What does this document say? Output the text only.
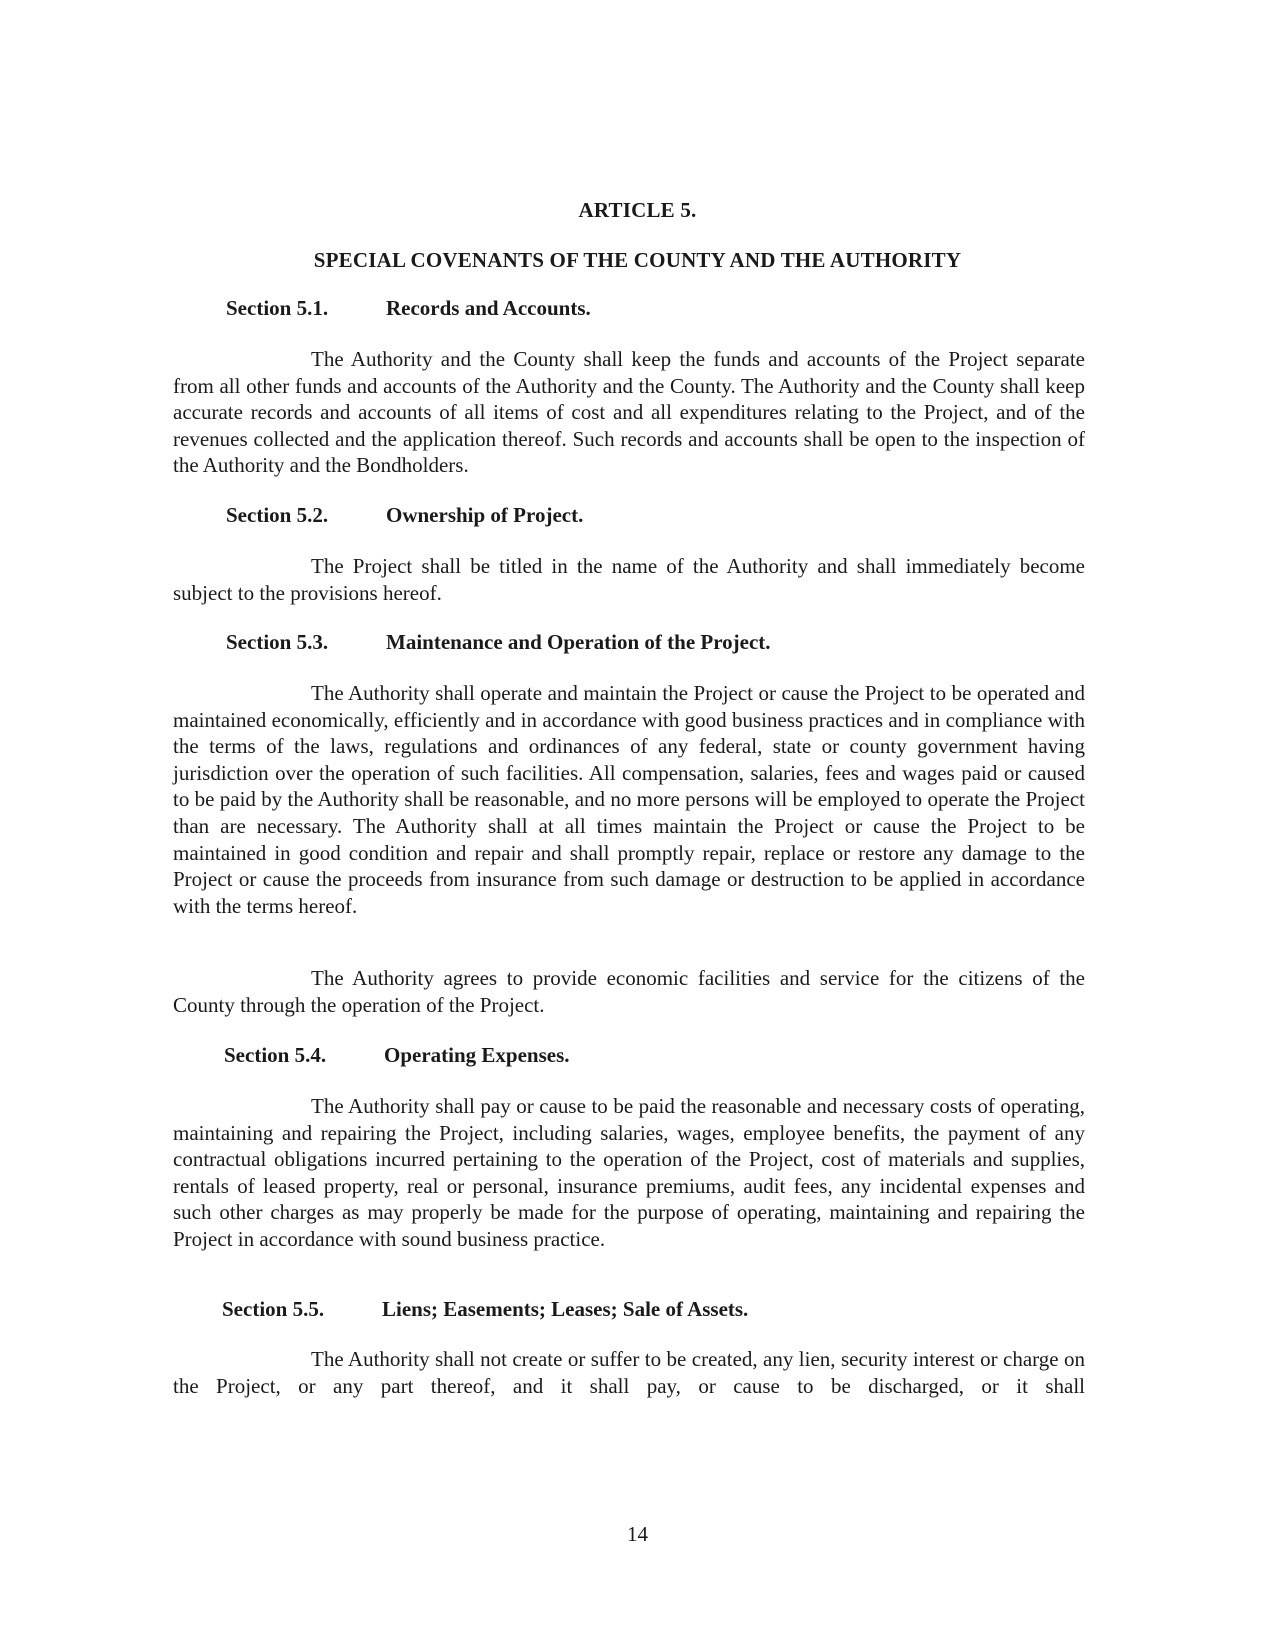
ARTICLE 5.
SPECIAL COVENANTS OF THE COUNTY AND THE AUTHORITY
Section 5.1.	Records and Accounts.

The Authority and the County shall keep the funds and accounts of the Project separate from all other funds and accounts of the Authority and the County. The Authority and the County shall keep accurate records and accounts of all items of cost and all expenditures relating to the Project, and of the revenues collected and the application thereof. Such records and accounts shall be open to the inspection of the Authority and the Bondholders.

Section 5.2.	Ownership of Project.

The Project shall be titled in the name of the Authority and shall immediately become subject to the provisions hereof.

Section 5.3.	Maintenance and Operation of the Project.

The Authority shall operate and maintain the Project or cause the Project to be operated and maintained economically, efficiently and in accordance with good business practices and in compliance with the terms of the laws, regulations and ordinances of any federal, state or county government having jurisdiction over the operation of such facilities. All compensation, salaries, fees and wages paid or caused to be paid by the Authority shall be reasonable, and no more persons will be employed to operate the Project than are necessary. The Authority shall at all times maintain the Project or cause the Project to be maintained in good condition and repair and shall promptly repair, replace or restore any damage to the Project or cause the proceeds from insurance from such damage or destruction to be applied in accordance with the terms hereof.

The Authority agrees to provide economic facilities and service for the citizens of the County through the operation of the Project.

Section 5.4.	Operating Expenses.

The Authority shall pay or cause to be paid the reasonable and necessary costs of operating, maintaining and repairing the Project, including salaries, wages, employee benefits, the payment of any contractual obligations incurred pertaining to the operation of the Project, cost of materials and supplies, rentals of leased property, real or personal, insurance premiums, audit fees, any incidental expenses and such other charges as may properly be made for the purpose of operating, maintaining and repairing the Project in accordance with sound business practice.

Section 5.5.	Liens; Easements; Leases; Sale of Assets.

The Authority shall not create or suffer to be created, any lien, security interest or charge on the Project, or any part thereof, and it shall pay, or cause to be discharged, or it shall

14
